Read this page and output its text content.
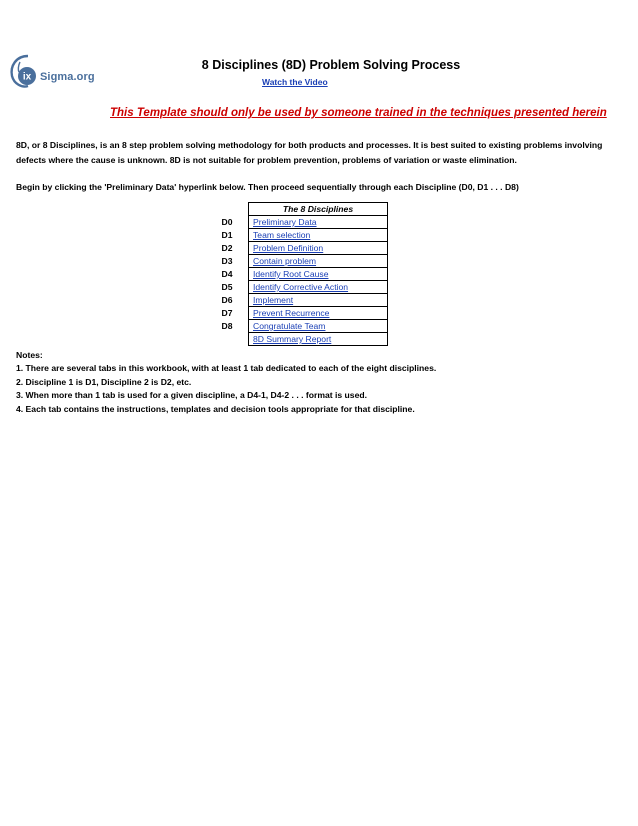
ix Sigma.org
8 Disciplines (8D) Problem Solving Process
Watch the Video
This Template should only be used by someone trained in the techniques presented herein
8D, or 8 Disciplines, is an 8 step problem solving methodology for both products and processes. It is best suited to existing problems involving defects where the cause is unknown. 8D is not suitable for problem prevention, problems of variation or waste elimination.
Begin by clicking the 'Preliminary Data' hyperlink below. Then proceed sequentially through each Discipline (D0, D1 . . . D8)
	The 8 Disciplines
D0	Preliminary Data
D1	Team selection
D2	Problem Definition
D3	Contain problem
D4	Identify Root Cause
D5	Identify Corrective Action
D6	Implement
D7	Prevent Recurrence
D8	Congratulate Team
	8D Summary Report
Notes:
1. There are several tabs in this workbook, with at least 1 tab dedicated to each of the eight disciplines.
2. Discipline 1 is D1, Discipline 2 is D2, etc.
3. When more than 1 tab is used for a given discipline, a D4-1, D4-2 . . . format is used.
4. Each tab contains the instructions, templates and decision tools appropriate for that discipline.
